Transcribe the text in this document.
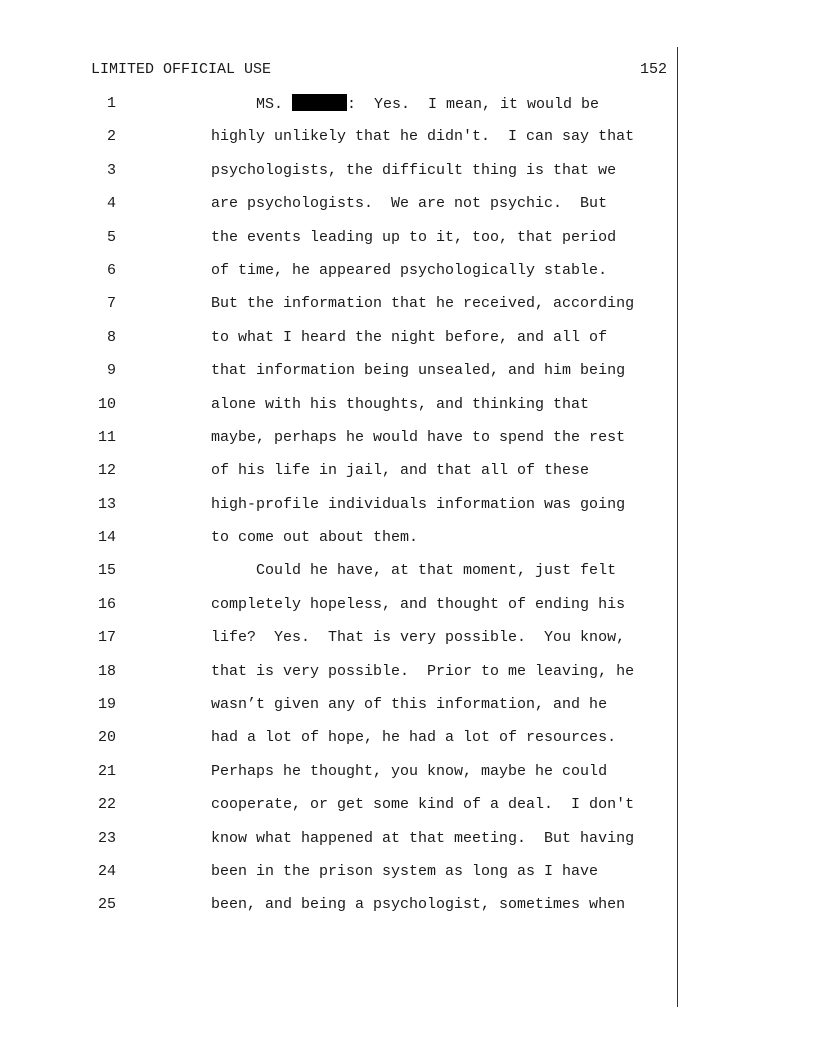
LIMITED OFFICIAL USE	152
1	MS.	:  Yes.  I mean, it would be
2	highly unlikely that he didn't.  I can say that
3	psychologists, the difficult thing is that we
4	are psychologists.  We are not psychic.  But
5	the events leading up to it, too, that period
6	of time, he appeared psychologically stable.
7	But the information that he received, according
8	to what I heard the night before, and all of
9	that information being unsealed, and him being
10	alone with his thoughts, and thinking that
11	maybe, perhaps he would have to spend the rest
12	of his life in jail, and that all of these
13	high-profile individuals information was going
14	to come out about them.
15	Could he have, at that moment, just felt
16	completely hopeless, and thought of ending his
17	life?  Yes.  That is very possible.  You know,
18	that is very possible.  Prior to me leaving, he
19	wasn’t given any of this information, and he
20	had a lot of hope, he had a lot of resources.
21	Perhaps he thought, you know, maybe he could
22	cooperate, or get some kind of a deal.  I don't
23	know what happened at that meeting.  But having
24	been in the prison system as long as I have
25	been, and being a psychologist, sometimes when
